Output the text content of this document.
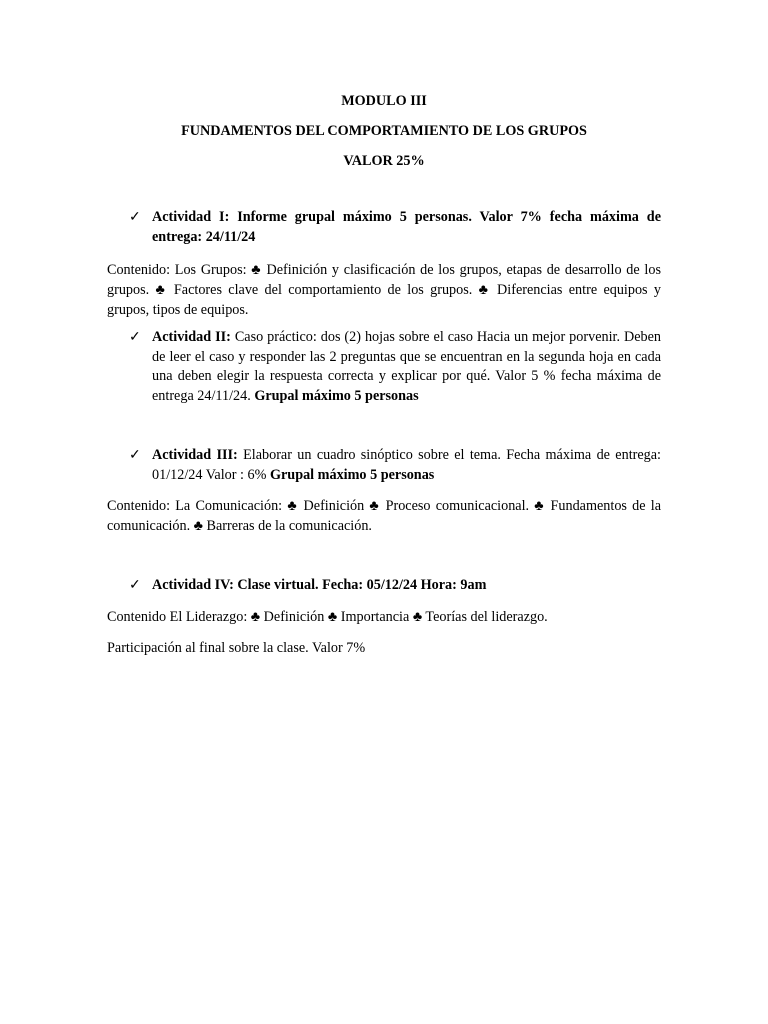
MODULO III
FUNDAMENTOS DEL COMPORTAMIENTO DE LOS GRUPOS
VALOR 25%
✓ Actividad I: Informe grupal máximo 5 personas. Valor 7% fecha máxima de entrega: 24/11/24
Contenido: Los Grupos: ♣ Definición y clasificación de los grupos, etapas de desarrollo de los grupos. ♣ Factores clave del comportamiento de los grupos. ♣ Diferencias entre equipos y grupos, tipos de equipos.
✓ Actividad II: Caso práctico: dos (2) hojas sobre el caso Hacia un mejor porvenir. Deben de leer el caso y responder las 2 preguntas que se encuentran en la segunda hoja en cada una deben elegir la respuesta correcta y explicar por qué. Valor 5 % fecha máxima de entrega 24/11/24. Grupal máximo 5 personas
✓ Actividad III: Elaborar un cuadro sinóptico sobre el tema. Fecha máxima de entrega: 01/12/24 Valor : 6% Grupal máximo 5 personas
Contenido: La Comunicación: ♣ Definición ♣ Proceso comunicacional. ♣ Fundamentos de la comunicación. ♣ Barreras de la comunicación.
✓ Actividad IV: Clase virtual. Fecha: 05/12/24 Hora: 9am
Contenido El Liderazgo: ♣ Definición ♣ Importancia ♣ Teorías del liderazgo.
Participación al final sobre la clase. Valor 7%
